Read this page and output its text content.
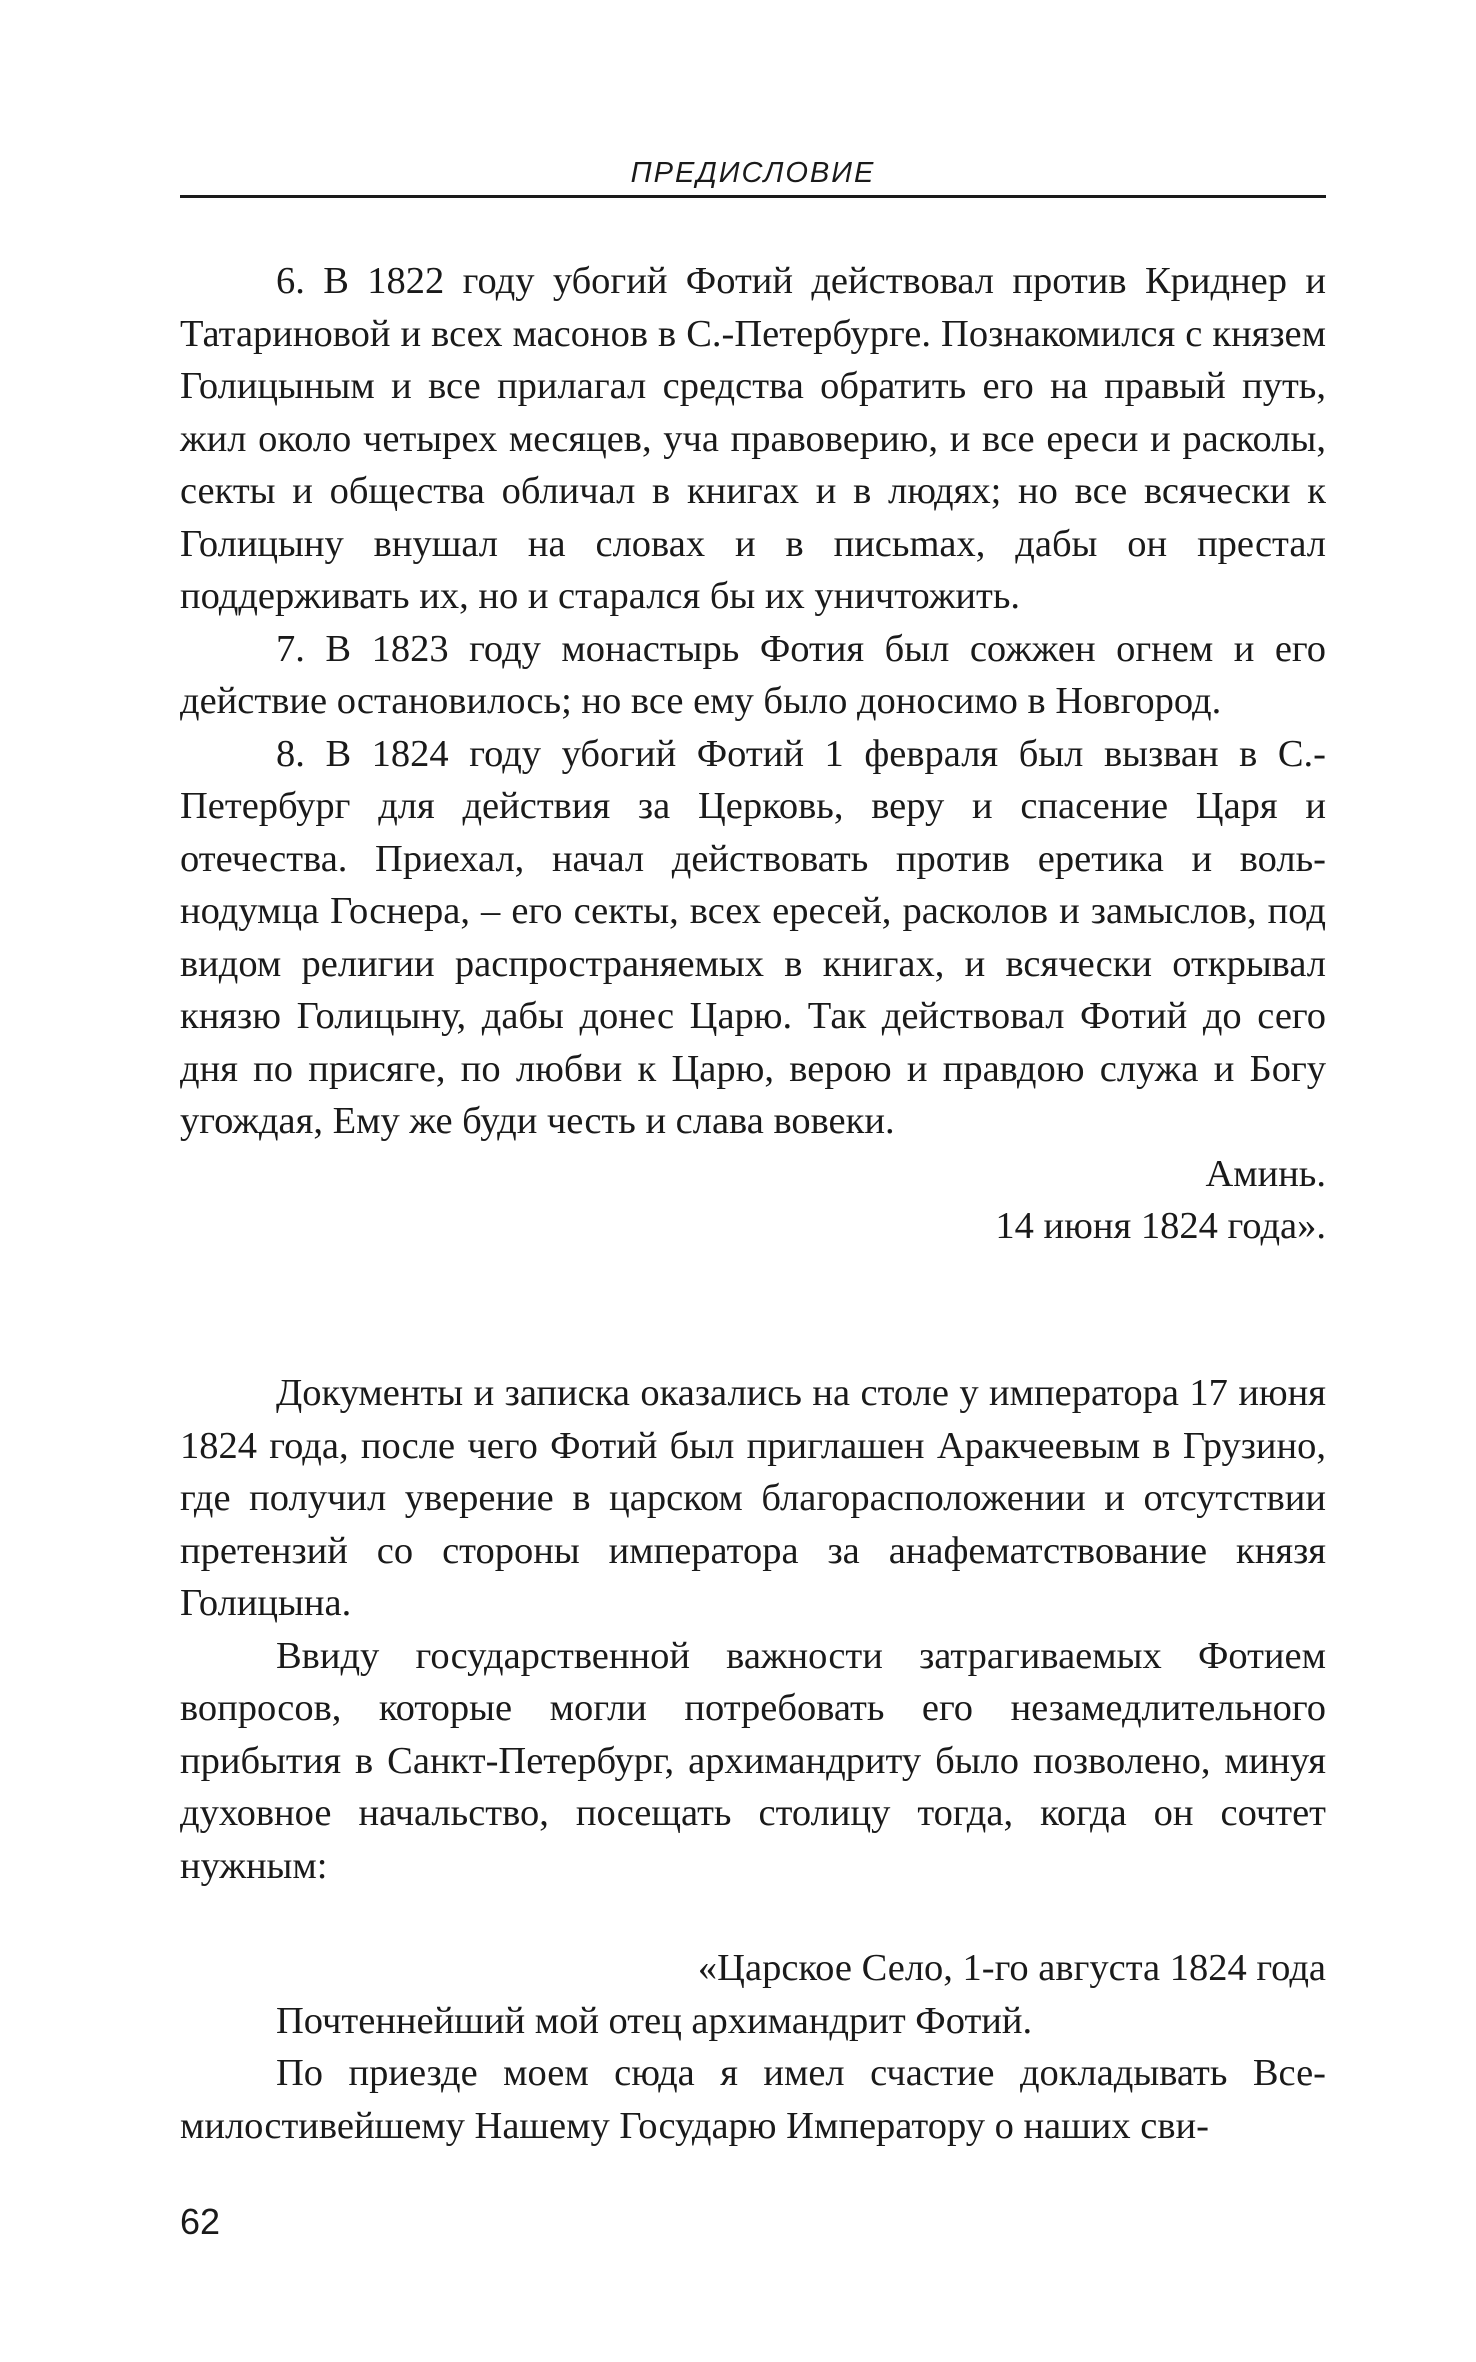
ПРЕДИСЛОВИЕ

6. В 1822 году убогий Фотий действовал против Криднер и Татариновой и всех масонов в С.-Петербурге. Познакомился с князем Голицыным и все прилагал средства обратить его на правый путь, жил около четырех месяцев, уча правоверию, и все ереси и расколы, секты и общества обличал в книгах и в людях; но все всячески к Голицыну внушал на словах и в письmах, дабы он престал поддерживать их, но и старался бы их уничтожить.

7. В 1823 году монастырь Фотия был сожжен огнем и его действие остановилось; но все ему было доносимо в Новгород.

8. В 1824 году убогий Фотий 1 февраля был вызван в С.-Петербург для действия за Церковь, веру и спасение Царя и отечества. Приехал, начал действовать против еретика и вольнодумца Госнера, – его секты, всех ересей, расколов и замыслов, под видом религии распространяемых в книгах, и всячески открывал князю Голицыну, дабы донес Царю. Так действовал Фотий до сего дня по присяге, по любви к Царю, верою и правдою служа и Богу угождая, Ему же буди честь и слава вовеки.

Аминь.

14 июня 1824 года».

Документы и записка оказались на столе у императора 17 июня 1824 года, после чего Фотий был приглашен Аракчеевым в Грузино, где получил уверение в царском благорасположении и отсутствии претензий со стороны императора за анафематствование князя Голицына.

Ввиду государственной важности затрагиваемых Фотием вопросов, которые могли потребовать его незамедлительного прибытия в Санкт-Петербург, архимандриту было позволено, минуя духовное начальство, посещать столицу тогда, когда он сочтет нужным:

«Царское Село, 1-го августа 1824 года

Почтеннейший мой отец архимандрит Фотий.

По приезде моем сюда я имел счастие докладывать Всемилостивейшему Нашему Государю Императору о наших сви-

62
